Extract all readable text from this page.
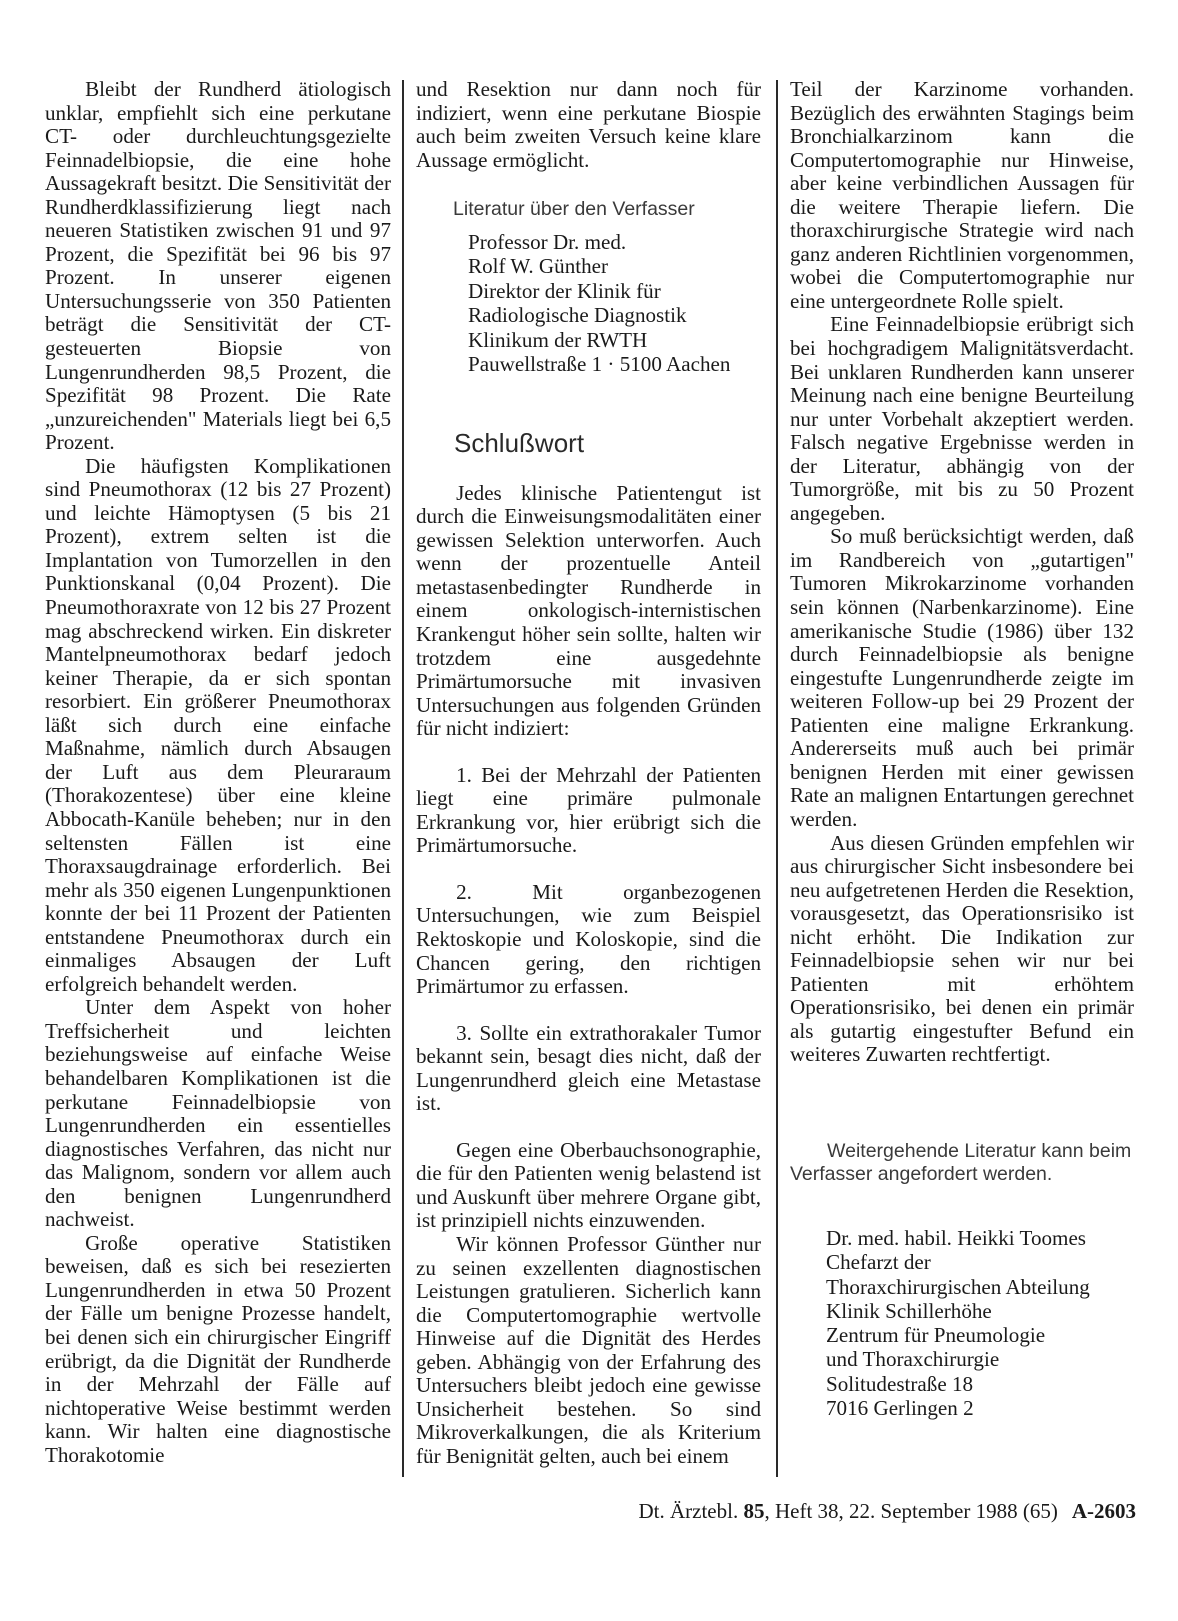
Bleibt der Rundherd ätiologisch unklar, empfiehlt sich eine perkutane CT- oder durchleuchtungsgezielte Feinnadelbiopsie, die eine hohe Aussagekraft besitzt. Die Sensitivität der Rundherdklassifizierung liegt nach neueren Statistiken zwischen 91 und 97 Prozent, die Spezifität bei 96 bis 97 Prozent. In unserer eigenen Untersuchungsserie von 350 Patienten beträgt die Sensitivität der CT-gesteuerten Biopsie von Lungenrundherden 98,5 Prozent, die Spezifität 98 Prozent. Die Rate „unzureichenden" Materials liegt bei 6,5 Prozent.

Die häufigsten Komplikationen sind Pneumothorax (12 bis 27 Prozent) und leichte Hämoptysen (5 bis 21 Prozent), extrem selten ist die Implantation von Tumorzellen in den Punktionskanal (0,04 Prozent). Die Pneumothoraxrate von 12 bis 27 Prozent mag abschreckend wirken. Ein diskreter Mantelpneumothorax bedarf jedoch keiner Therapie, da er sich spontan resorbiert. Ein größerer Pneumothorax läßt sich durch eine einfache Maßnahme, nämlich durch Absaugen der Luft aus dem Pleuraraum (Thorakozentese) über eine kleine Abbocath-Kanüle beheben; nur in den seltensten Fällen ist eine Thoraxsaugdrainage erforderlich. Bei mehr als 350 eigenen Lungenpunktionen konnte der bei 11 Prozent der Patienten entstandene Pneumothorax durch ein einmaliges Absaugen der Luft erfolgreich behandelt werden.

Unter dem Aspekt von hoher Treffsicherheit und leichten beziehungsweise auf einfache Weise behandelbaren Komplikationen ist die perkutane Feinnadelbiopsie von Lungenrundherden ein essentielles diagnostisches Verfahren, das nicht nur das Malignom, sondern vor allem auch den benignen Lungenrundherd nachweist.

Große operative Statistiken beweisen, daß es sich bei resezierten Lungenrundherden in etwa 50 Prozent der Fälle um benigne Prozesse handelt, bei denen sich ein chirurgischer Eingriff erübrigt, da die Dignität der Rundherde in der Mehrzahl der Fälle auf nichtoperative Weise bestimmt werden kann. Wir halten eine diagnostische Thorakotomie

und Resektion nur dann noch für indiziert, wenn eine perkutane Biospie auch beim zweiten Versuch keine klare Aussage ermöglicht.

Literatur über den Verfasser

Professor Dr. med.
Rolf W. Günther
Direktor der Klinik für
Radiologische Diagnostik
Klinikum der RWTH
Pauwellstraße 1 · 5100 Aachen
Schlußwort

Jedes klinische Patientengut ist durch die Einweisungsmodalitäten einer gewissen Selektion unterworfen. Auch wenn der prozentuelle Anteil metastasenbedingter Rundherde in einem onkologisch-internistischen Krankengut höher sein sollte, halten wir trotzdem eine ausgedehnte Primärtumorsuche mit invasiven Untersuchungen aus folgenden Gründen für nicht indiziert:

1. Bei der Mehrzahl der Patienten liegt eine primäre pulmonale Erkrankung vor, hier erübrigt sich die Primärtumorsuche.

2. Mit organbezogenen Untersuchungen, wie zum Beispiel Rektoskopie und Koloskopie, sind die Chancen gering, den richtigen Primärtumor zu erfassen.

3. Sollte ein extrathorakaler Tumor bekannt sein, besagt dies nicht, daß der Lungenrundherd gleich eine Metastase ist.

Gegen eine Oberbauchsonographie, die für den Patienten wenig belastend ist und Auskunft über mehrere Organe gibt, ist prinzipiell nichts einzuwenden.

Wir können Professor Günther nur zu seinen exzellenten diagnostischen Leistungen gratulieren. Sicherlich kann die Computertomographie wertvolle Hinweise auf die Dignität des Herdes geben. Abhängig von der Erfahrung des Untersuchers bleibt jedoch eine gewisse Unsicherheit bestehen. So sind Mikroverkalkungen, die als Kriterium für Benignität gelten, auch bei einem

Teil der Karzinome vorhanden. Bezüglich des erwähnten Stagings beim Bronchialkarzinom kann die Computertomographie nur Hinweise, aber keine verbindlichen Aussagen für die weitere Therapie liefern. Die thoraxchirurgische Strategie wird nach ganz anderen Richtlinien vorgenommen, wobei die Computertomographie nur eine untergeordnete Rolle spielt.

Eine Feinnadelbiopsie erübrigt sich bei hochgradigem Malignitätsverdacht. Bei unklaren Rundherden kann unserer Meinung nach eine benigne Beurteilung nur unter Vorbehalt akzeptiert werden. Falsch negative Ergebnisse werden in der Literatur, abhängig von der Tumorgröße, mit bis zu 50 Prozent angegeben.

So muß berücksichtigt werden, daß im Randbereich von „gutartigen" Tumoren Mikrokarzinome vorhanden sein können (Narbenkarzinome). Eine amerikanische Studie (1986) über 132 durch Feinnadelbiopsie als benigne eingestufte Lungenrundherde zeigte im weiteren Follow-up bei 29 Prozent der Patienten eine maligne Erkrankung. Andererseits muß auch bei primär benignen Herden mit einer gewissen Rate an malignen Entartungen gerechnet werden.

Aus diesen Gründen empfehlen wir aus chirurgischer Sicht insbesondere bei neu aufgetretenen Herden die Resektion, vorausgesetzt, das Operationsrisiko ist nicht erhöht. Die Indikation zur Feinnadelbiopsie sehen wir nur bei Patienten mit erhöhtem Operationsrisiko, bei denen ein primär als gutartig eingestufter Befund ein weiteres Zuwarten rechtfertigt.

Weitergehende Literatur kann beim Verfasser angefordert werden.

Dr. med. habil. Heikki Toomes
Chefarzt der
Thoraxchirurgischen Abteilung
Klinik Schillerhöhe
Zentrum für Pneumologie
und Thoraxchirurgie
Solitudestraße 18
7016 Gerlingen 2
Dt. Ärztebl. 85, Heft 38, 22. September 1988 (65) A-2603
